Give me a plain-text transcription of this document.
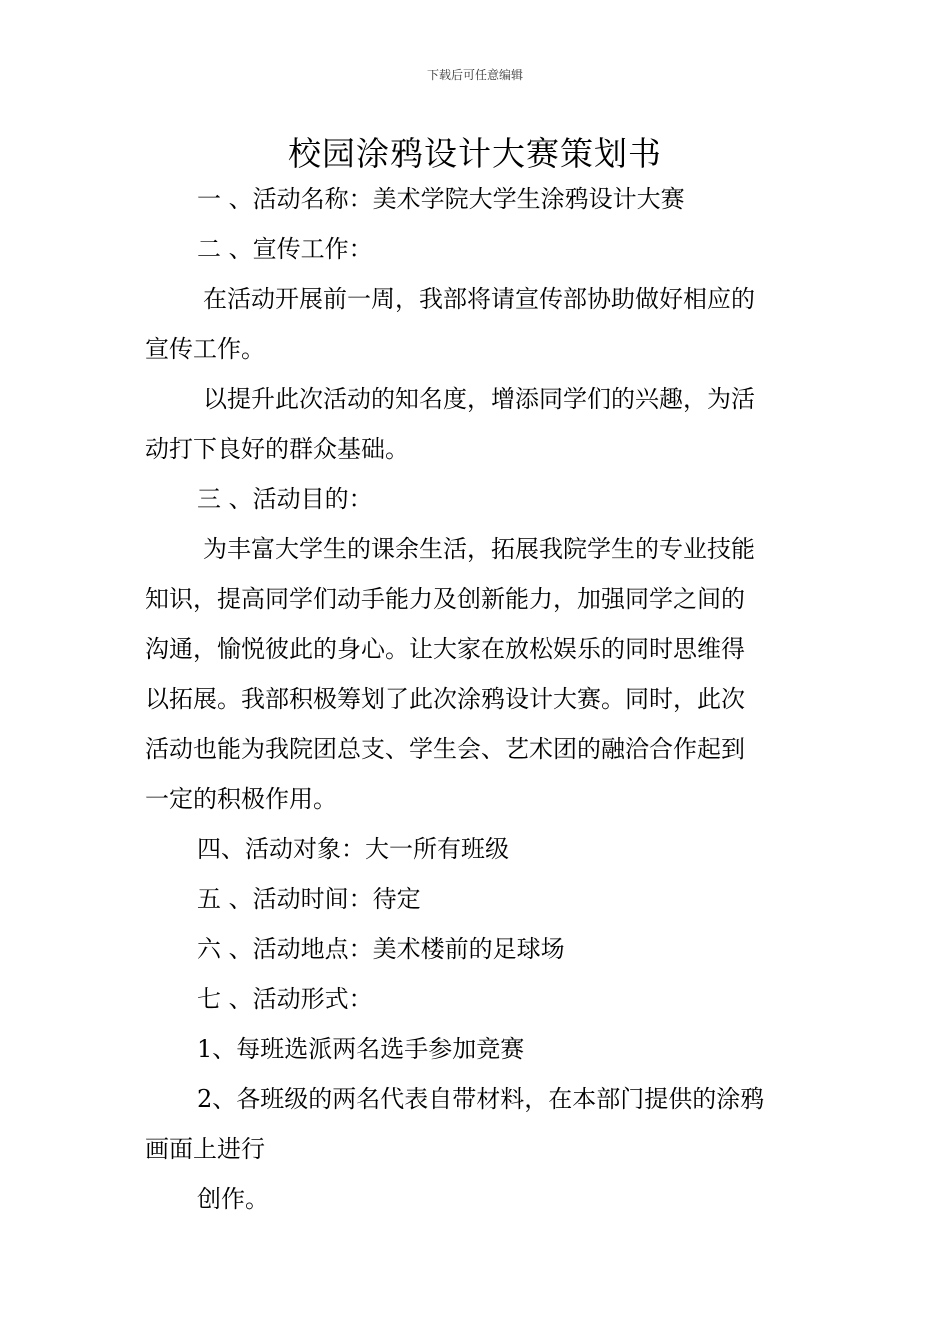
下载后可任意编辑
校园涂鸦设计大赛策划书
一 、活动名称：美术学院大学生涂鸦设计大赛
二 、宣传工作：
在活动开展前一周，我部将请宣传部协助做好相应的
宣传工作。
以提升此次活动的知名度，增添同学们的兴趣，为活
动打下良好的群众基础。
三 、活动目的：
为丰富大学生的课余生活，拓展我院学生的专业技能
知识，提高同学们动手能力及创新能力，加强同学之间的
沟通，愉悦彼此的身心。让大家在放松娱乐的同时思维得
以拓展。我部积极筹划了此次涂鸦设计大赛。同时，此次
活动也能为我院团总支、学生会、艺术团的融洽合作起到
一定的积极作用。
四、活动对象：大一所有班级
五 、活动时间：待定
六 、活动地点：美术楼前的足球场
七 、活动形式：
1、每班选派两名选手参加竞赛
2、各班级的两名代表自带材料，在本部门提供的涂鸦
画面上进行
创作。
